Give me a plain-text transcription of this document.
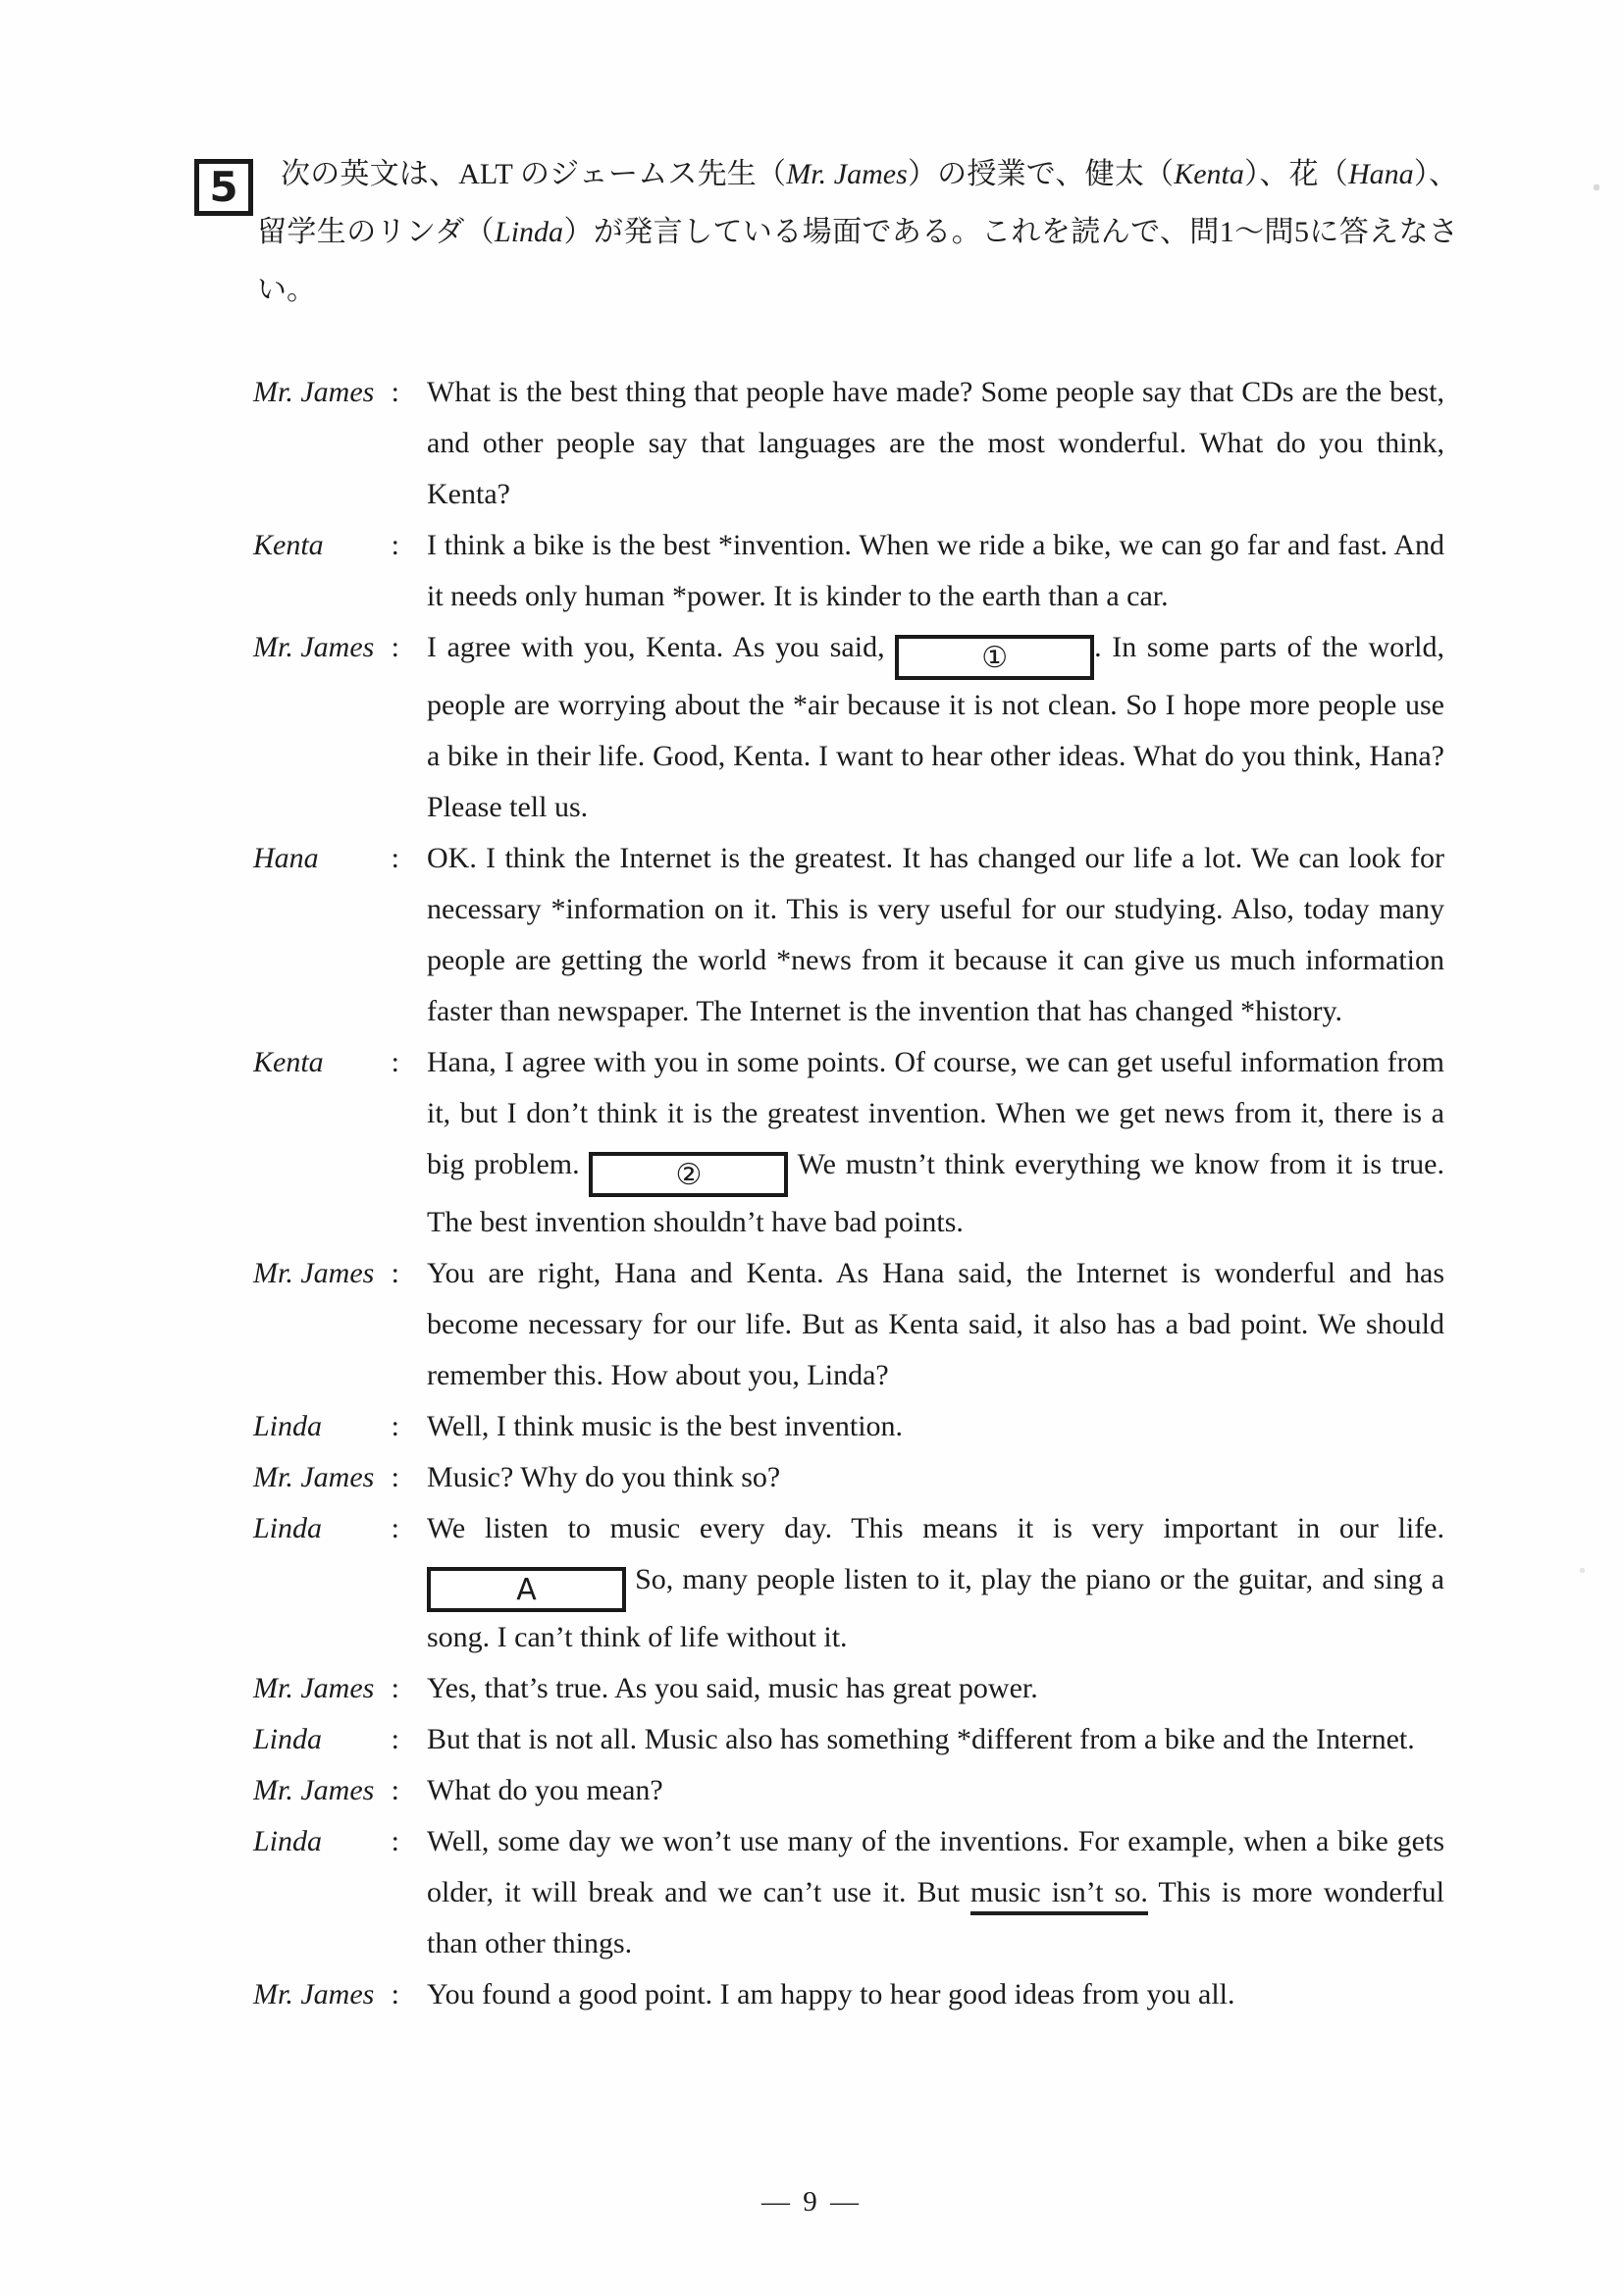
5	次の英文は、ALT のジェームス先生（Mr. James）の授業で、健太（Kenta）、花（Hana）、留学生のリンダ（Linda）が発言している場面である。これを読んで、問1～問5に答えなさい。
Mr. James : What is the best thing that people have made? Some people say that CDs are the best, and other people say that languages are the most wonderful. What do you think, Kenta?
Kenta : I think a bike is the best *invention. When we ride a bike, we can go far and fast. And it needs only human *power. It is kinder to the earth than a car.
Mr. James : I agree with you, Kenta. As you said,	①	. In some parts of the world, people are worrying about the *air because it is not clean. So I hope more people use a bike in their life. Good, Kenta. I want to hear other ideas. What do you think, Hana? Please tell us.
Hana : OK. I think the Internet is the greatest. It has changed our life a lot. We can look for necessary *information on it. This is very useful for our studying. Also, today many people are getting the world *news from it because it can give us much information faster than newspaper. The Internet is the invention that has changed *history.
Kenta : Hana, I agree with you in some points. Of course, we can get useful information from it, but I don’t think it is the greatest invention. When we get news from it, there is a big problem.	②	We mustn’t think everything we know from it is true. The best invention shouldn’t have bad points.
Mr. James : You are right, Hana and Kenta. As Hana said, the Internet is wonderful and has become necessary for our life. But as Kenta said, it also has a bad point. We should remember this. How about you, Linda?
Linda : Well, I think music is the best invention.
Mr. James : Music? Why do you think so?
Linda : We listen to music every day. This means it is very important in our life. A	So, many people listen to it, play the piano or the guitar, and sing a song. I can’t think of life without it.
Mr. James : Yes, that’s true. As you said, music has great power.
Linda : But that is not all. Music also has something *different from a bike and the Internet.
Mr. James : What do you mean?
Linda : Well, some day we won’t use many of the inventions. For example, when a bike gets older, it will break and we can’t use it. But music isn’t so. This is more wonderful than other things.
Mr. James : You found a good point. I am happy to hear good ideas from you all.
— 9 —
